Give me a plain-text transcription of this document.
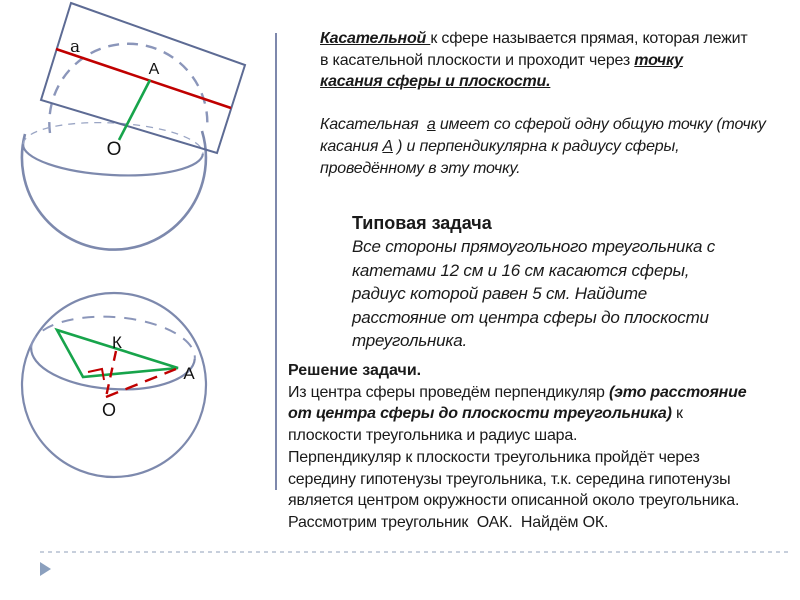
a
А
О
К
А
О
Касательной к сфере называется прямая, которая лежит
в касательной плоскости и проходит через точку
касания сферы и плоскости.
Касательная  а имеет со сферой одну общую точку (точку
касания А ) и перпендикулярна к радиусу сферы,
проведённому в эту точку.
Типовая задача
Все стороны прямоугольного треугольника с
катетами 12 см и 16 см касаются сферы,
радиус которой равен 5 см. Найдите
расстояние от центра сферы до плоскости
треугольника.
Решение задачи.
Из центра сферы проведём перпендикуляр (это расстояние
от центра сферы до плоскости треугольника) к
плоскости треугольника и радиус шара.
Перпендикуляр к плоскости треугольника пройдёт через
середину гипотенузы треугольника, т.к. середина гипотенузы
является центром окружности описанной около треугольника.
Рассмотрим треугольник  ОАК.  Найдём ОК.
